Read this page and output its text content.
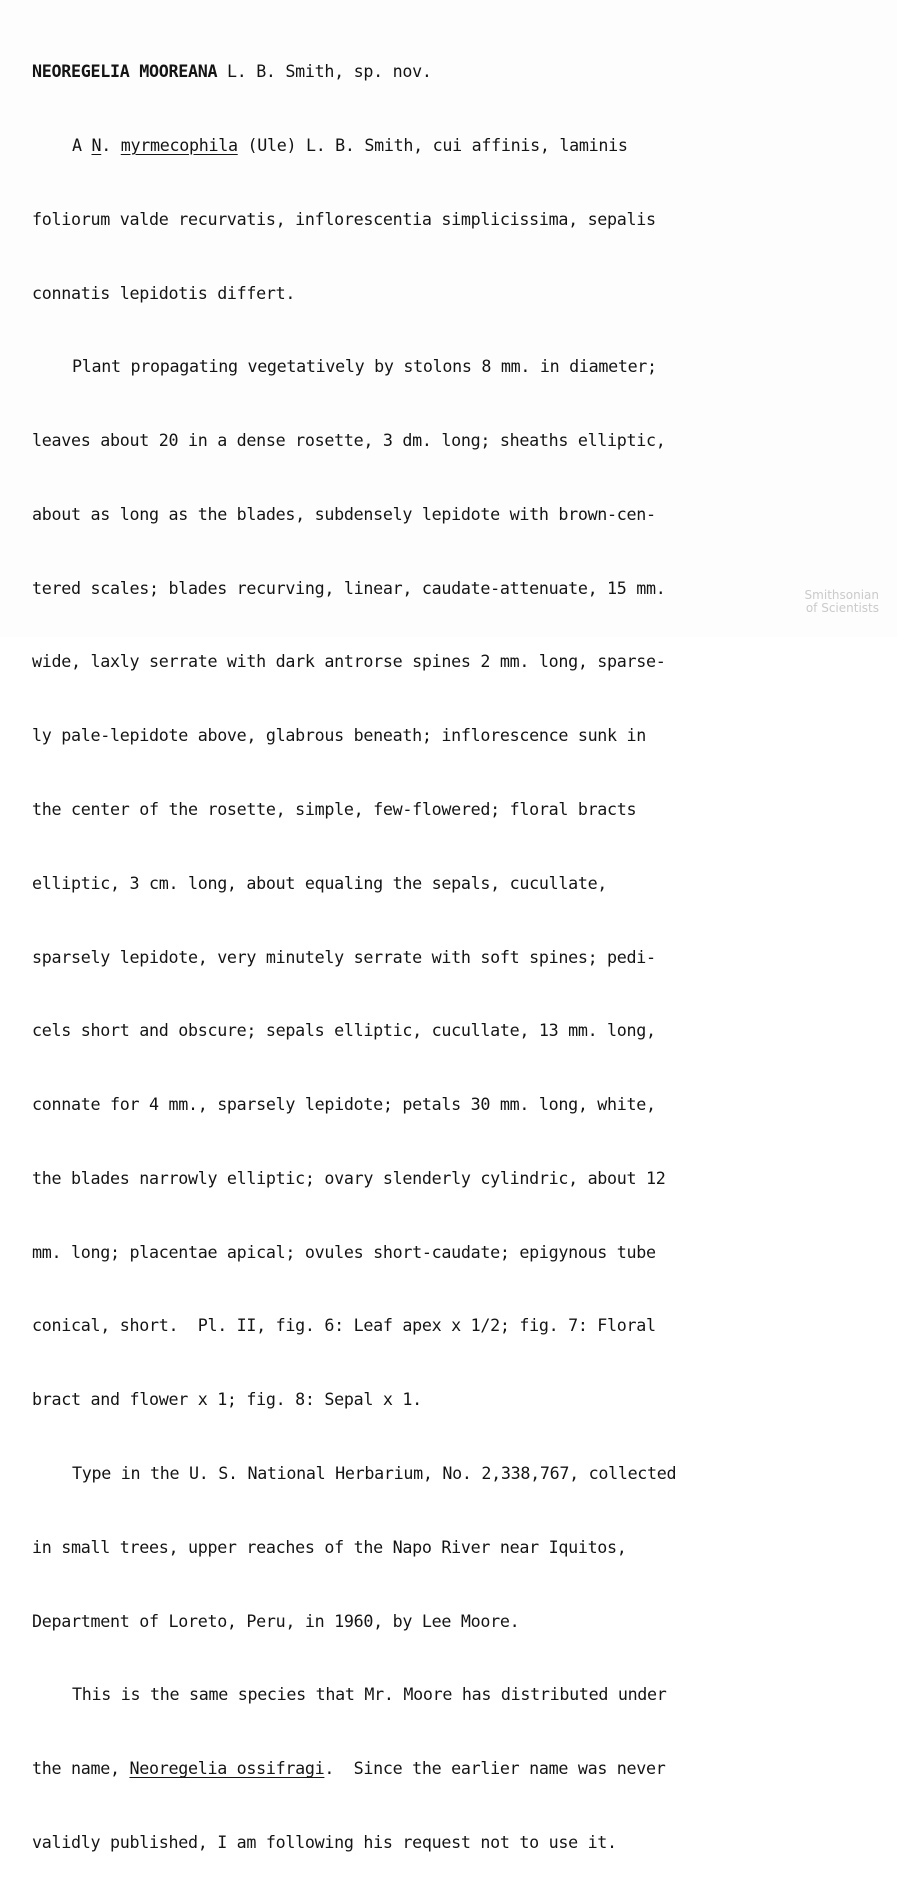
NEOREGELIA MOOREANA L. B. Smith, sp. nov.

A N. myrmecophila (Ule) L. B. Smith, cui affinis, laminis

foliorum valde recurvatis, inflorescentia simplicissima, sepalis

connatis lepidotis differt.

Plant propagating vegetatively by stolons 8 mm. in diameter;

leaves about 20 in a dense rosette, 3 dm. long; sheaths elliptic,

about as long as the blades, subdensely lepidote with brown-cen-

tered scales; blades recurving, linear, caudate-attenuate, 15 mm.

wide, laxly serrate with dark antrorse spines 2 mm. long, sparse-

ly pale-lepidote above, glabrous beneath; inflorescence sunk in

the center of the rosette, simple, few-flowered; floral bracts

elliptic, 3 cm. long, about equaling the sepals, cucullate,

sparsely lepidote, very minutely serrate with soft spines; pedi-

cels short and obscure; sepals elliptic, cucullate, 13 mm. long,

connate for 4 mm., sparsely lepidote; petals 30 mm. long, white,

the blades narrowly elliptic; ovary slenderly cylindric, about 12

mm. long; placentae apical; ovules short-caudate; epigynous tube

conical, short.  Pl. II, fig. 6: Leaf apex x 1/2; fig. 7: Floral

bract and flower x 1; fig. 8: Sepal x 1.

Type in the U. S. National Herbarium, No. 2,338,767, collected

in small trees, upper reaches of the Napo River near Iquitos,

Department of Loreto, Peru, in 1960, by Lee Moore.

This is the same species that Mr. Moore has distributed under

the name, Neoregelia ossifragi.  Since the earlier name was never

validly published, I am following his request not to use it.

Smithsonian
of Scientists
